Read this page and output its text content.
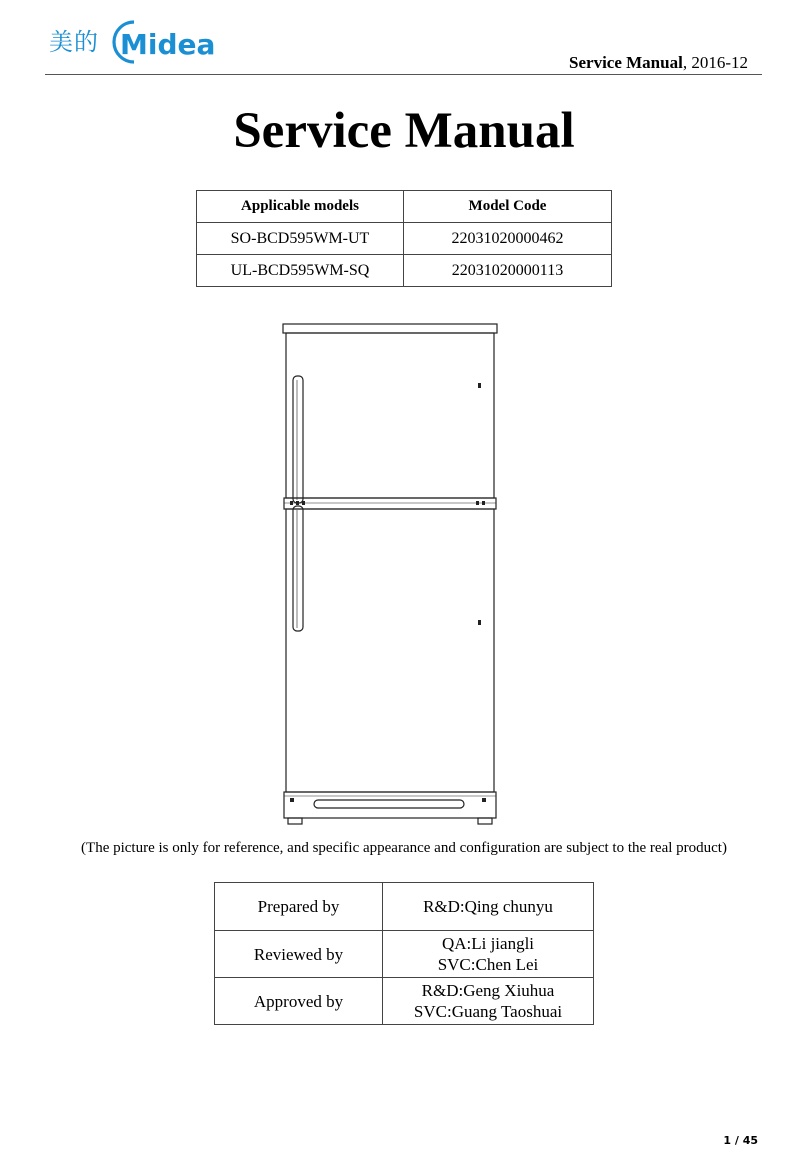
美的 Midea
Service Manual, 2016-12
Service Manual
Applicable models	Model Code
SO-BCD595WM-UT	22031020000462
UL-BCD595WM-SQ	22031020000113
(The picture is only for reference, and specific appearance and configuration are subject to the real product)
Prepared by	R&D:Qing chunyu
Reviewed by	QA:Li jiangli
SVC:Chen Lei

Approved by	R&D:Geng Xiuhua
SVC:Guang Taoshuai
1 / 45
